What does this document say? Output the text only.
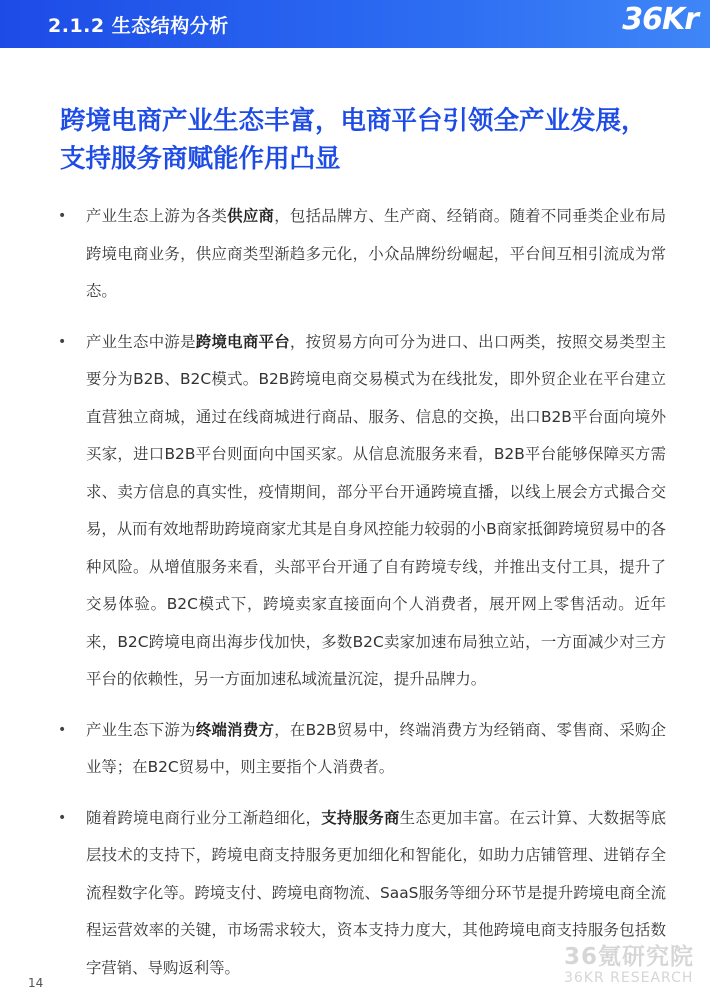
2.1.2 生态结构分析	36Kr
跨境电商产业生态丰富，电商平台引领全产业发展，支持服务商赋能作用凸显
•	产业生态上游为各类供应商，包括品牌方、生产商、经销商。随着不同垂类企业布局跨境电商业务，供应商类型渐趋多元化，小众品牌纷纷崛起，平台间互相引流成为常态。
•	产业生态中游是跨境电商平台，按贸易方向可分为进口、出口两类，按照交易类型主要分为B2B、B2C模式。B2B跨境电商交易模式为在线批发，即外贸企业在平台建立直营独立商城，通过在线商城进行商品、服务、信息的交换，出口B2B平台面向境外买家，进口B2B平台则面向中国买家。从信息流服务来看，B2B平台能够保障买方需求、卖方信息的真实性，疫情期间，部分平台开通跨境直播，以线上展会方式撮合交易，从而有效地帮助跨境商家尤其是自身风控能力较弱的小B商家抵御跨境贸易中的各种风险。从增值服务来看，头部平台开通了自有跨境专线，并推出支付工具，提升了交易体验。B2C模式下，跨境卖家直接面向个人消费者，展开网上零售活动。近年来，B2C跨境电商出海步伐加快，多数B2C卖家加速布局独立站，一方面减少对三方平台的依赖性，另一方面加速私域流量沉淀，提升品牌力。
•	产业生态下游为终端消费方，在B2B贸易中，终端消费方为经销商、零售商、采购企业等；在B2C贸易中，则主要指个人消费者。
•	随着跨境电商行业分工渐趋细化，支持服务商生态更加丰富。在云计算、大数据等底层技术的支持下，跨境电商支持服务更加细化和智能化，如助力店铺管理、进销存全流程数字化等。跨境支付、跨境电商物流、SaaS服务等细分环节是提升跨境电商全流程运营效率的关键，市场需求较大，资本支持力度大，其他跨境电商支持服务包括数字营销、导购返利等。
14
36氪研究院
36KR RESEARCH
